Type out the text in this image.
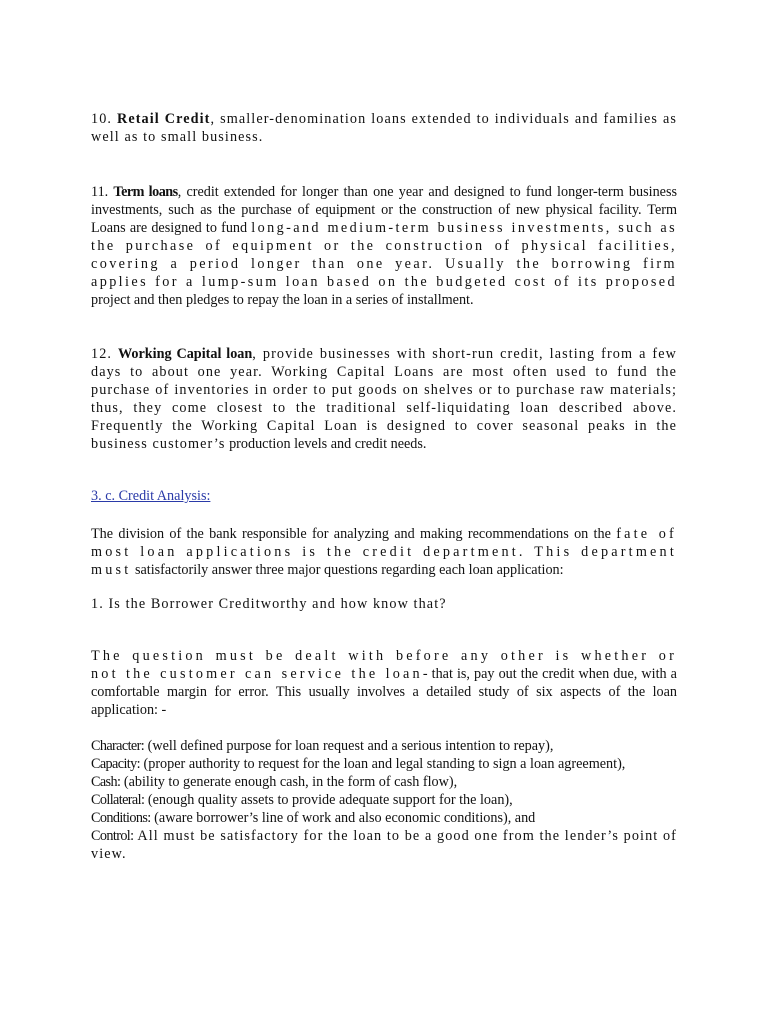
10. Retail Credit, smaller-denomination loans extended to individuals and families as well as to small business.

11. Term loans, credit extended for longer than one year and designed to fund longer-term business investments, such as the purchase of equipment or the construction of new physical facility. Term Loans are designed to fund long-and medium-term business investments, such as the purchase of equipment or the construction of physical facilities, covering a period longer than one year. Usually the borrowing firm applies for a lump-sum loan based on the budgeted cost of its proposed project and then pledges to repay the loan in a series of installment.

12. Working Capital loan, provide businesses with short-run credit, lasting from a few days to about one year. Working Capital Loans are most often used to fund the purchase of inventories in order to put goods on shelves or to purchase raw materials; thus, they come closest to the traditional self-liquidating loan described above. Frequently the Working Capital Loan is designed to cover seasonal peaks in the business customer’s production levels and credit needs.

3. c. Credit Analysis:

The division of the bank responsible for analyzing and making recommendations on the fate of most loan applications is the credit department. This department must satisfactorily answer three major questions regarding each loan application:

1. Is the Borrower Creditworthy and how know that?

The question must be dealt with before any other is whether or not the customer can service the loan- that is, pay out the credit when due, with a comfortable margin for error. This usually involves a detailed study of six aspects of the loan application: -

Character: (well defined purpose for loan request and a serious intention to repay),

Capacity: (proper authority to request for the loan and legal standing to sign a loan agreement),

Cash: (ability to generate enough cash, in the form of cash flow),

Collateral: (enough quality assets to provide adequate support for the loan),

Conditions: (aware borrower’s line of work and also economic conditions), and

Control: All must be satisfactory for the loan to be a good one from the lender’s point of view.
